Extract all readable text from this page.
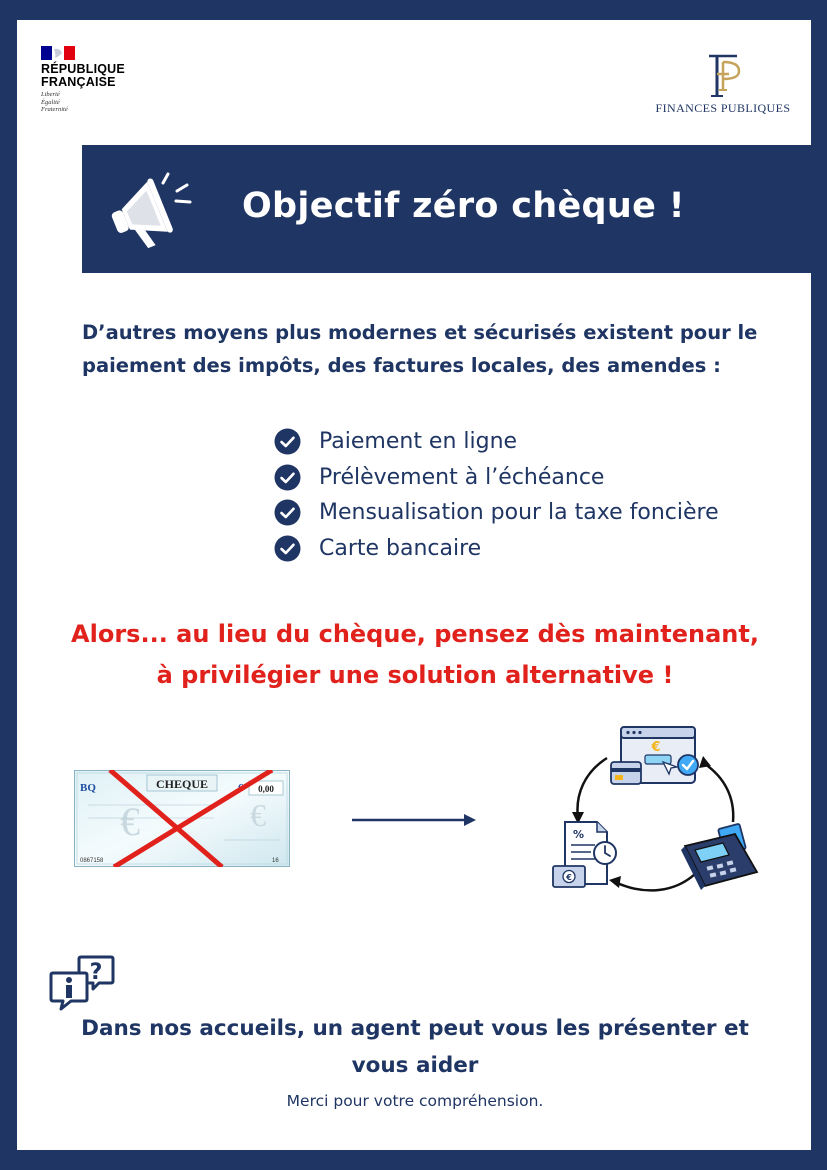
RÉPUBLIQUE
FRANÇAISE
Liberté
Égalité
Fraternité	FINANCES PUBLIQUES
Objectif zéro chèque !
D’autres moyens plus modernes et sécurisés existent pour le paiement des impôts, des factures locales, des amendes :
Paiement en ligne
Prélèvement à l’échéance
Mensualisation pour la taxe foncière
Carte bancaire
Alors... au lieu du chèque, pensez dès maintenant,
à privilégier une solution alternative !
BQ	CHEQUE	0,00
€	€
0867158	16
€
%
€
?
Dans nos accueils, un agent peut vous les présenter et
vous aider
Merci pour votre compréhension.
